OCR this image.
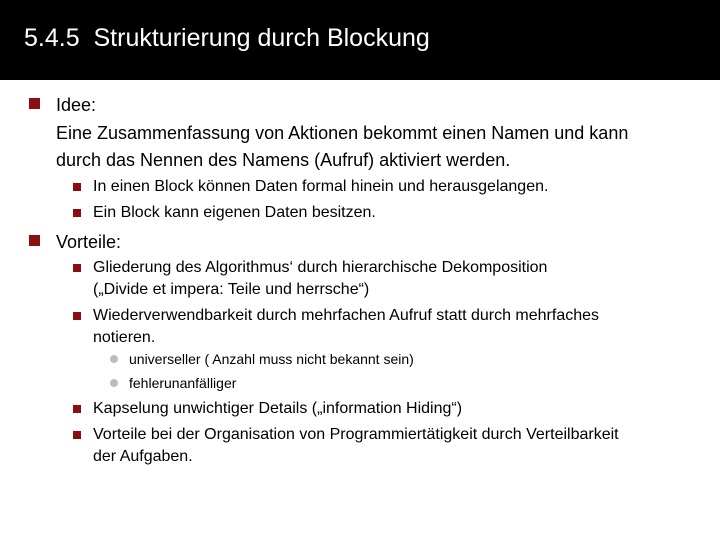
5.4.5  Strukturierung durch Blockung
Idee:
Eine Zusammenfassung von Aktionen bekommt einen Namen und kann
durch das Nennen des Namens (Aufruf) aktiviert werden.
In einen Block können Daten formal hinein und herausgelangen.
Ein Block kann eigenen Daten besitzen.
Vorteile:
Gliederung des Algorithmus‘ durch hierarchische Dekomposition
(„Divide et impera: Teile und herrsche“)
Wiederverwendbarkeit durch mehrfachen Aufruf statt durch mehrfaches
notieren.
universeller ( Anzahl muss nicht bekannt sein)
fehlerunanfälliger
Kapselung unwichtiger Details („information Hiding“)
Vorteile bei der Organisation von Programmiertätigkeit durch Verteilbarkeit
der Aufgaben.
